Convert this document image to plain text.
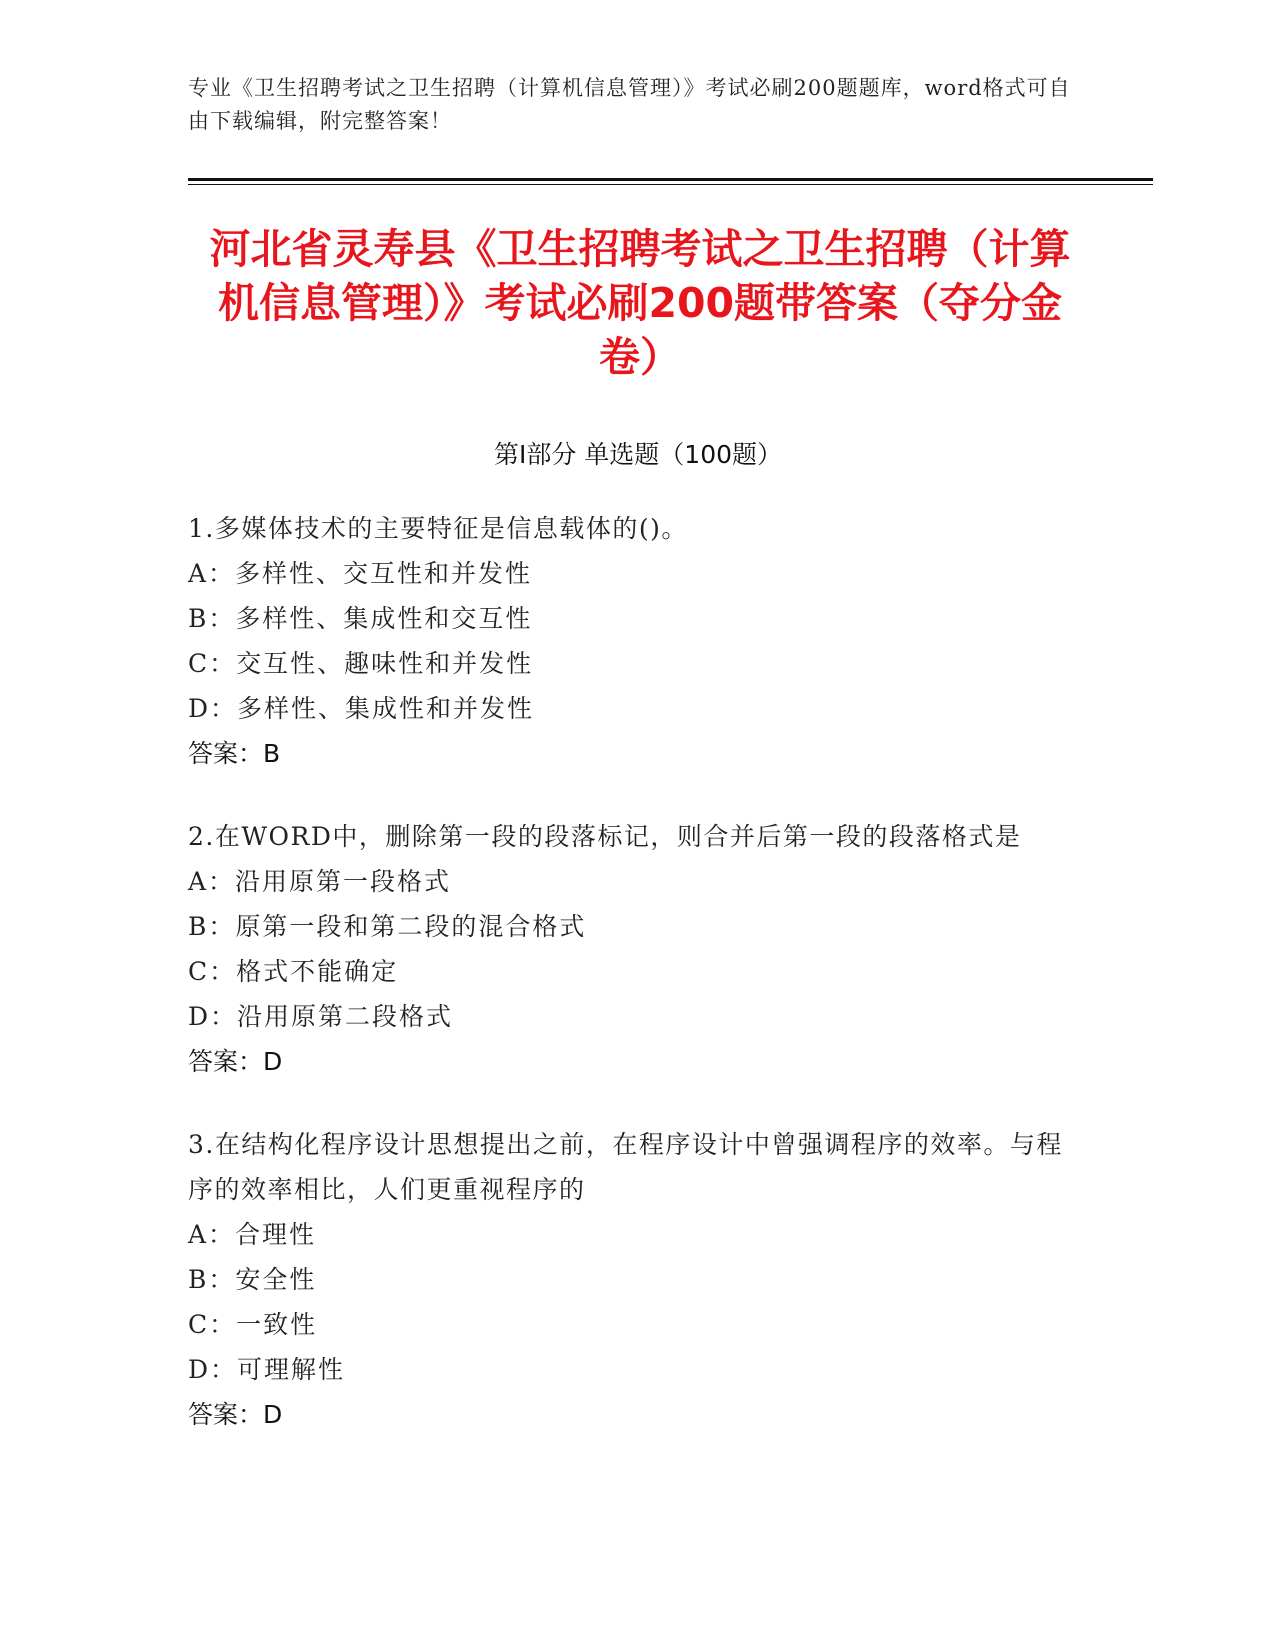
专业《卫生招聘考试之卫生招聘（计算机信息管理）》考试必刷200题题库，word格式可自由下载编辑，附完整答案！
河北省灵寿县《卫生招聘考试之卫生招聘（计算机信息管理）》考试必刷200题带答案（夺分金卷）
第Ⅰ部分 单选题（100题）
1.多媒体技术的主要特征是信息载体的()。
A：多样性、交互性和并发性
B：多样性、集成性和交互性
C：交互性、趣味性和并发性
D：多样性、集成性和并发性
答案：B
2.在WORD中，删除第一段的段落标记，则合并后第一段的段落格式是
A：沿用原第一段格式
B：原第一段和第二段的混合格式
C：格式不能确定
D：沿用原第二段格式
答案：D
3.在结构化程序设计思想提出之前，在程序设计中曾强调程序的效率。与程序的效率相比，人们更重视程序的
A：合理性
B：安全性
C：一致性
D：可理解性
答案：D
